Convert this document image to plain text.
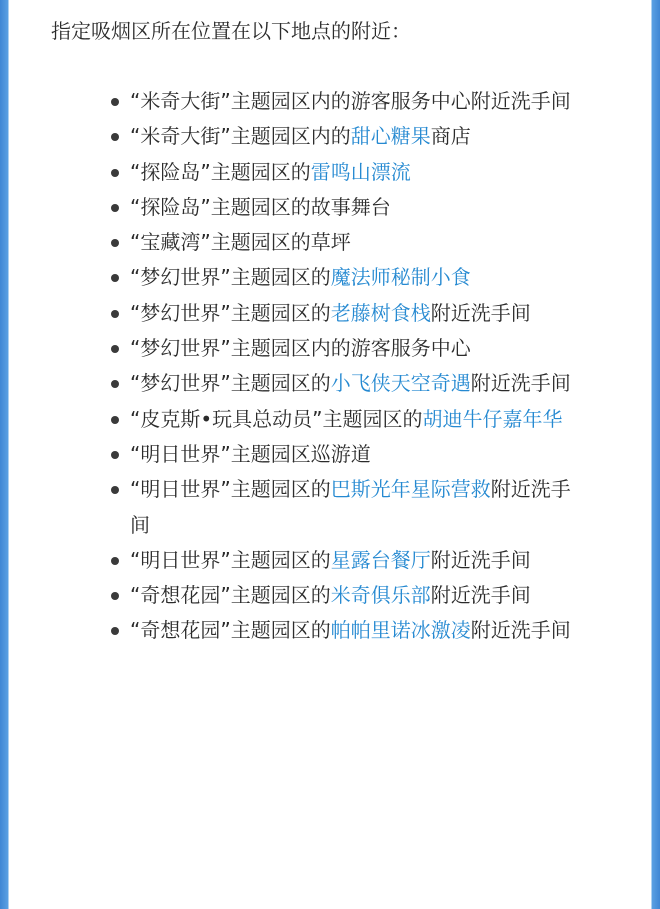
指定吸烟区所在位置在以下地点的附近：

“米奇大街”主题园区内的游客服务中心附近洗手间
“米奇大街”主题园区内的甜心糖果商店
“探险岛”主题园区的雷鸣山漂流
“探险岛”主题园区的故事舞台
“宝藏湾”主题园区的草坪
“梦幻世界”主题园区的魔法师秘制小食
“梦幻世界”主题园区的老藤树食栈附近洗手间
“梦幻世界”主题园区内的游客服务中心
“梦幻世界”主题园区的小飞侠天空奇遇附近洗手间
“皮克斯•玩具总动员”主题园区的胡迪牛仔嘉年华
“明日世界”主题园区巡游道
“明日世界”主题园区的巴斯光年星际营救附近洗手间
“明日世界”主题园区的星露台餐厅附近洗手间
“奇想花园”主题园区的米奇俱乐部附近洗手间
“奇想花园”主题园区的帕帕里诺冰激凌附近洗手间
